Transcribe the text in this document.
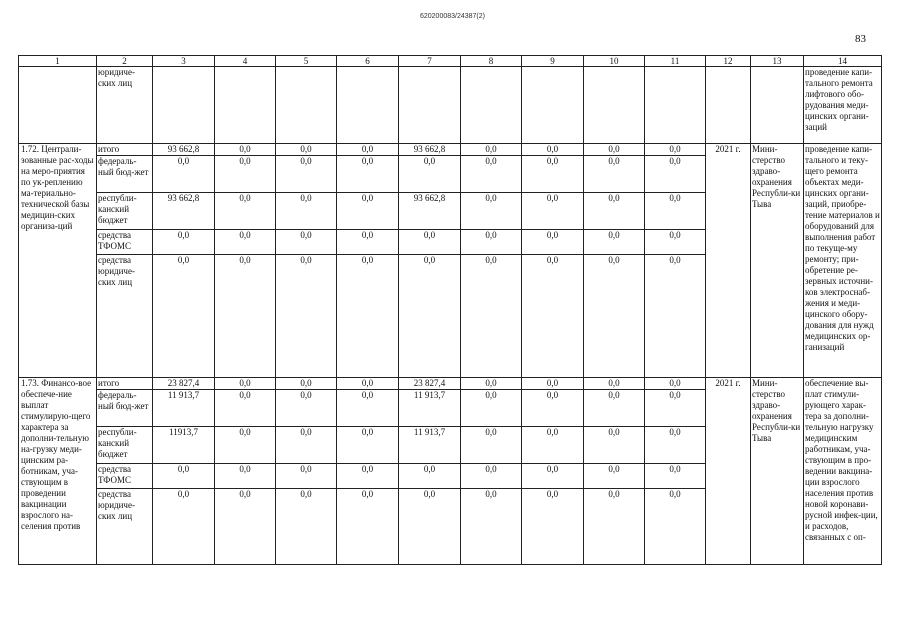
620200083/24387(2)
83
1	2	3	4	5	6	7	8	9	10	11	12	13	14
	юридиче-ских лиц												проведение капи-тального ремонта лифтового обо-рудования меди-цинских органи-заций
1.72. Централи-зованные рас-ходы на меро-приятия по ук-реплению ма-териально-технической базы медицин-ских организа-ций	итого	93 662,8	0,0	0,0	0,0	93 662,8	0,0	0,0	0,0	0,0	2021 г.	Мини-стерство здраво-охранения Республи-ки Тыва	проведение капи-тального и теку-щего ремонта объектах меди-цинских органи-заций, приобре-тение материалов и оборудований для выполнения работ по текуще-му ремонту; при-обретение ре-зервных источни-ков электроснаб-жения и меди-цинского обору-дования для нужд медицинских ор-ганизаций
	федераль-ный бюд-жет	0,0	0,0	0,0	0,0	0,0	0,0	0,0	0,0	0,0			
	республи-канский бюджет	93 662,8	0,0	0,0	0,0	93 662,8	0,0	0,0	0,0	0,0			
	средства ТФОМС	0,0	0,0	0,0	0,0	0,0	0,0	0,0	0,0	0,0			
	средства юридиче-ских лиц	0,0	0,0	0,0	0,0	0,0	0,0	0,0	0,0	0,0			
1.73. Финансо-вое обеспече-ние выплат стимулирую-щего характера за дополни-тельную на-грузку меди-цинским ра-ботникам, уча-ствующим в проведении вакцинации взрослого на-селения против	итого	23 827,4	0,0	0,0	0,0	23 827,4	0,0	0,0	0,0	0,0	2021 г.	Мини-стерство здраво-охранения Республи-ки Тыва	обеспечение вы-плат стимули-рующего харак-тера за дополни-тельную нагрузку медицинским работникам, уча-ствующим в про-ведении вакцина-ции взрослого населения против новой коронави-русной инфек-ции, и расходов, связанных с оп-
	федераль-ный бюд-жет	11 913,7	0,0	0,0	0,0	11 913,7	0,0	0,0	0,0	0,0			
	республи-канский бюджет	11913,7	0,0	0,0	0,0	11 913,7	0,0	0,0	0,0	0,0			
	средства ТФОМС	0,0	0,0	0,0	0,0	0,0	0,0	0,0	0,0	0,0			
	средства юридиче-ских лиц	0,0	0,0	0,0	0,0	0,0	0,0	0,0	0,0	0,0			
